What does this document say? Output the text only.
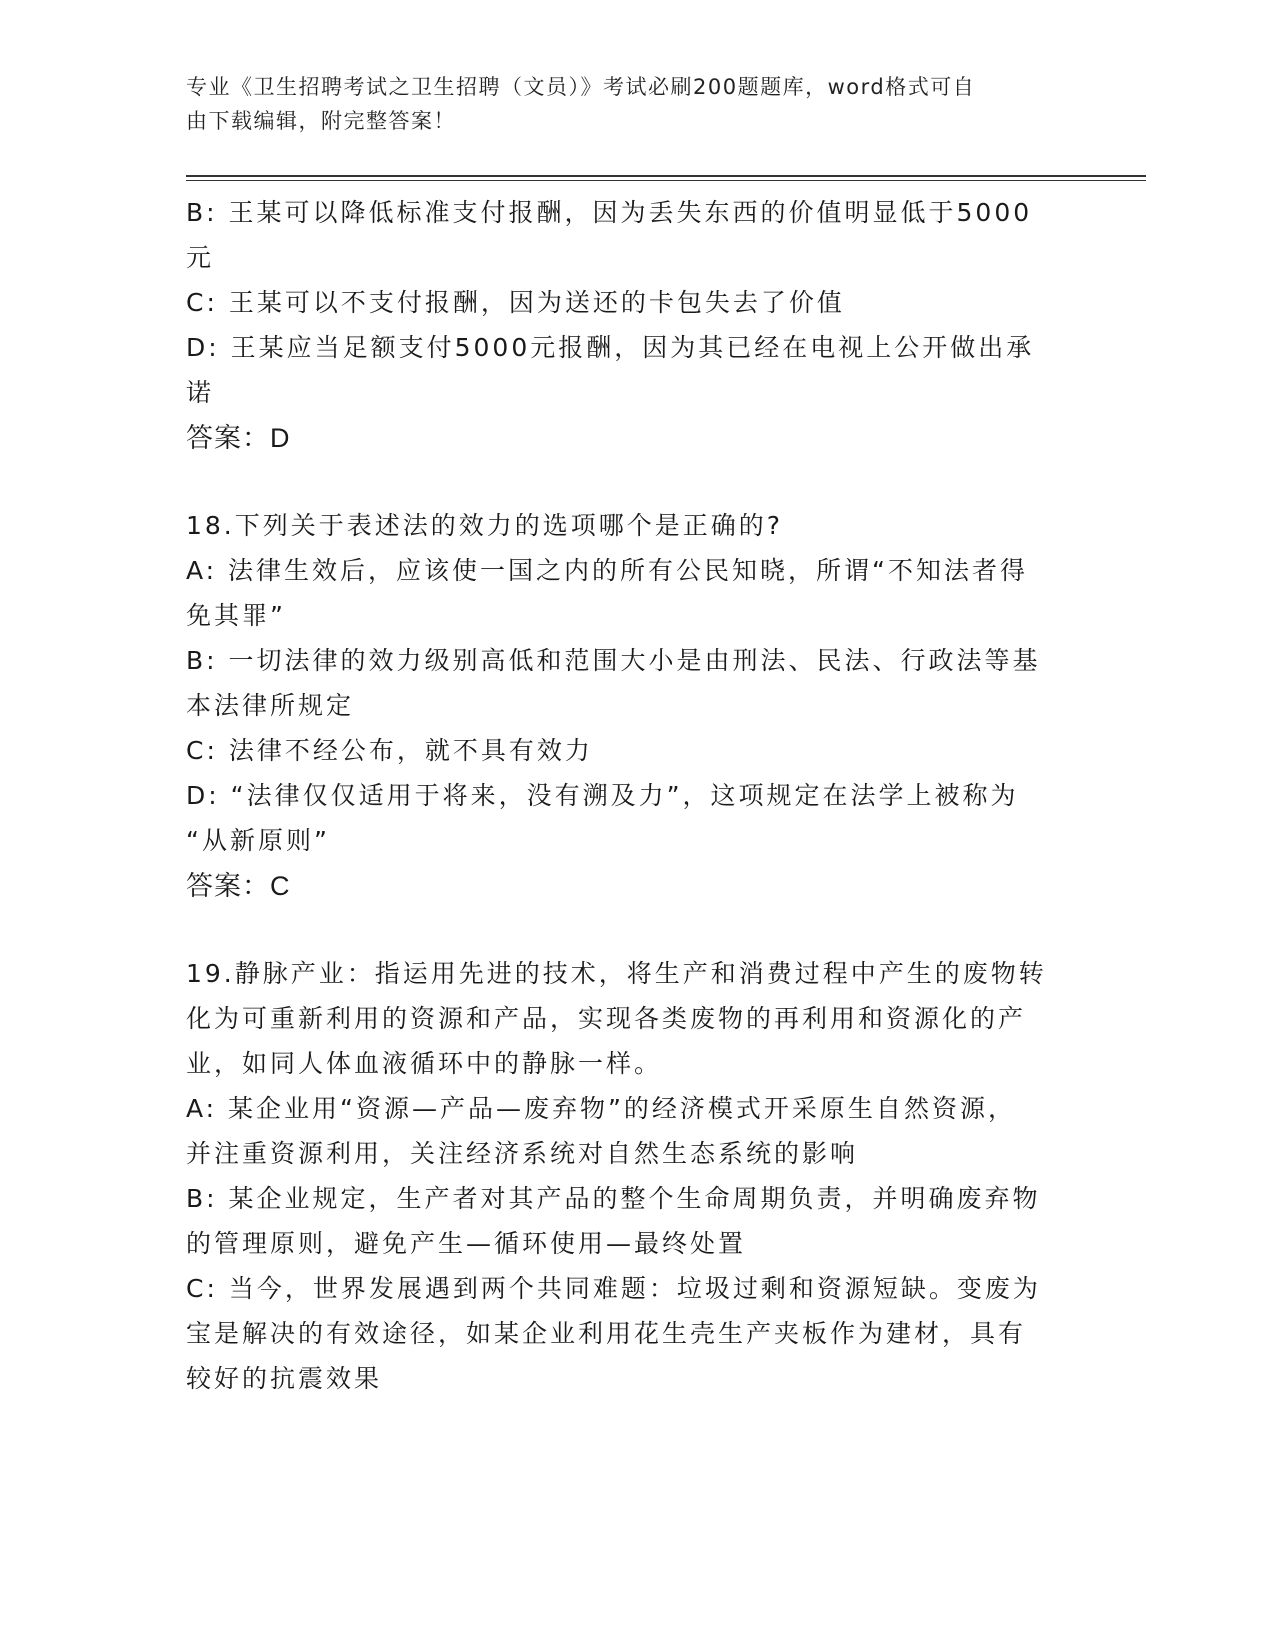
专业《卫生招聘考试之卫生招聘（文员）》考试必刷200题题库，word格式可自
由下载编辑，附完整答案！

B: 王某可以降低标准支付报酬，因为丢失东西的价值明显低于5000

元

C: 王某可以不支付报酬，因为送还的卡包失去了价值

D: 王某应当足额支付5000元报酬，因为其已经在电视上公开做出承

诺

答案：D

18.下列关于表述法的效力的选项哪个是正确的?

A: 法律生效后，应该使一国之内的所有公民知晓，所谓“不知法者得

免其罪”

B: 一切法律的效力级别高低和范围大小是由刑法、民法、行政法等基

本法律所规定

C: 法律不经公布，就不具有效力

D: “法律仅仅适用于将来，没有溯及力”，这项规定在法学上被称为

“从新原则”

答案：C

19.静脉产业：指运用先进的技术，将生产和消费过程中产生的废物转

化为可重新利用的资源和产品，实现各类废物的再利用和资源化的产

业，如同人体血液循环中的静脉一样。

A: 某企业用“资源—产品—废弃物”的经济模式开采原生自然资源，

并注重资源利用，关注经济系统对自然生态系统的影响

B: 某企业规定，生产者对其产品的整个生命周期负责，并明确废弃物

的管理原则，避免产生—循环使用—最终处置

C: 当今，世界发展遇到两个共同难题：垃圾过剩和资源短缺。变废为

宝是解决的有效途径，如某企业利用花生壳生产夹板作为建材，具有

较好的抗震效果
